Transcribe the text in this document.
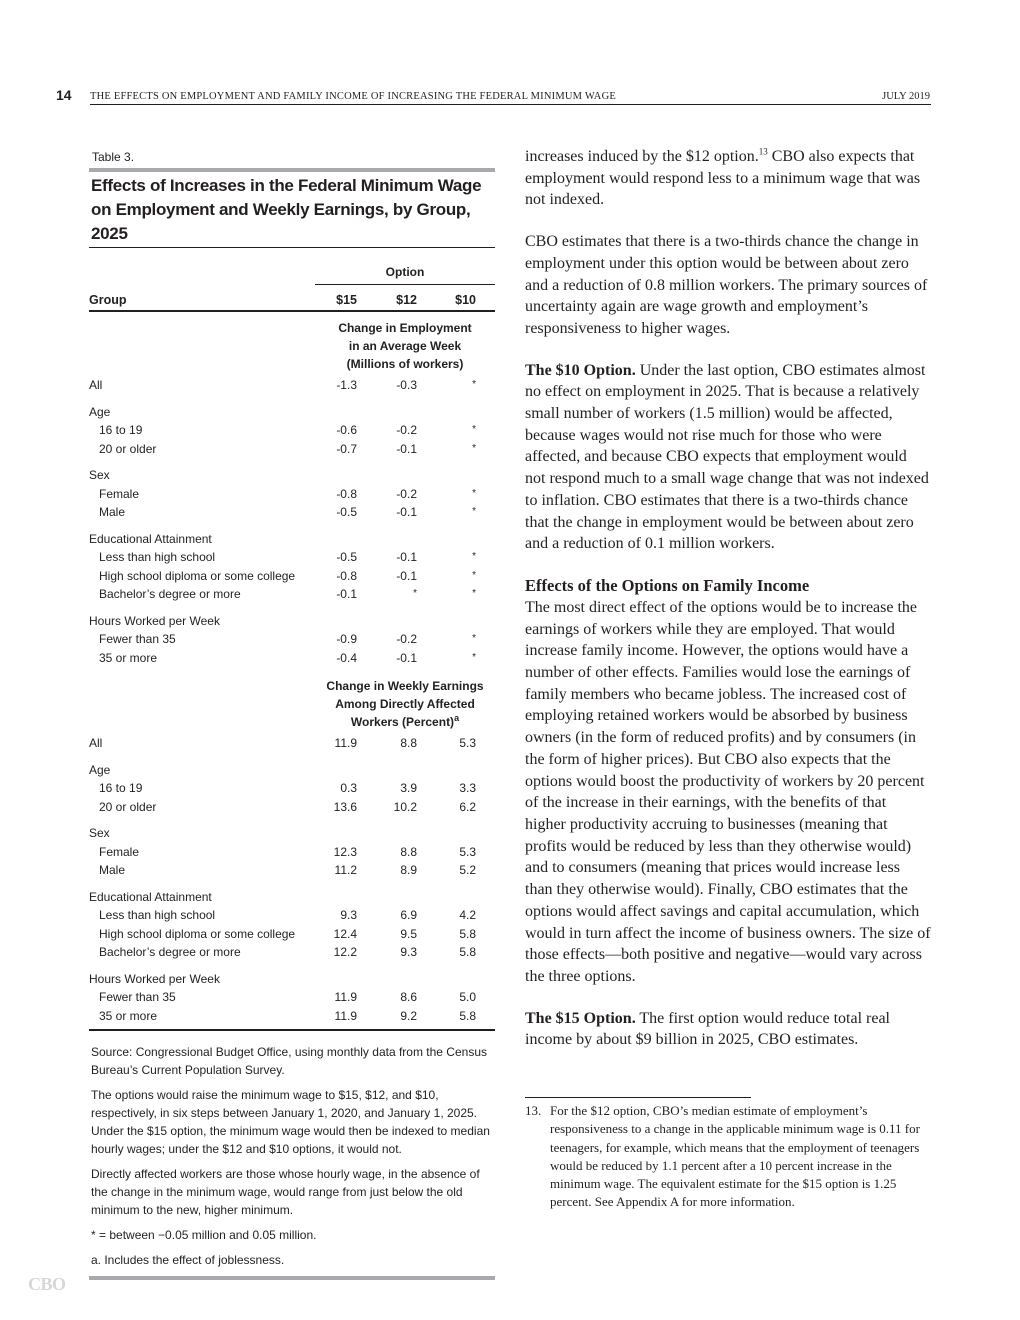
14 THE EFFECTS ON EMPLOYMENT AND FAMILY INCOME OF INCREASING THE FEDERAL MINIMUM WAGE	JULY 2019
Table 3.
Effects of Increases in the Federal Minimum Wage on Employment and Weekly Earnings, by Group, 2025
Option
Group	$15	$12	$10
Change in Employment
in an Average Week
(Millions of workers)
All	-1.3	-0.3	*
Age
16 to 19	-0.6	-0.2	*
20 or older	-0.7	-0.1	*
Sex
Female	-0.8	-0.2	*
Male	-0.5	-0.1	*
Educational Attainment
Less than high school	-0.5	-0.1	*
High school diploma or some college	-0.8	-0.1	*
Bachelor’s degree or more	-0.1	*	*
Hours Worked per Week
Fewer than 35	-0.9	-0.2	*
35 or more	-0.4	-0.1	*
Change in Weekly Earnings
Among Directly Affected
Workers (Percent)$^a$
All	11.9	8.8	5.3
Age
16 to 19	0.3	3.9	3.3
20 or older	13.6	10.2	6.2
Sex
Female	12.3	8.8	5.3
Male	11.2	8.9	5.2
Educational Attainment
Less than high school	9.3	6.9	4.2
High school diploma or some college	12.4	9.5	5.8
Bachelor’s degree or more	12.2	9.3	5.8
Hours Worked per Week
Fewer than 35	11.9	8.6	5.0
35 or more	11.9	9.2	5.8

Source: Congressional Budget Office, using monthly data from the Census Bureau’s Current Population Survey.

The options would raise the minimum wage to $15, $12, and $10, respectively, in six steps between January 1, 2020, and January 1, 2025. Under the $15 option, the minimum wage would then be indexed to median hourly wages; under the $12 and $10 options, it would not.

Directly affected workers are those whose hourly wage, in the absence of the change in the minimum wage, would range from just below the old minimum to the new, higher minimum.

* = between −0.05 million and 0.05 million.

a. Includes the effect of joblessness.

increases induced by the $12 option.$^{13}$ CBO also expects that employment would respond less to a minimum wage that was not indexed.

CBO estimates that there is a two-thirds chance the change in employment under this option would be between about zero and a reduction of 0.8 million workers. The primary sources of uncertainty again are wage growth and employment’s responsiveness to higher wages.

The $10 Option. Under the last option, CBO estimates almost no effect on employment in 2025. That is because a relatively small number of workers (1.5 million) would be affected, because wages would not rise much for those who were affected, and because CBO expects that employment would not respond much to a small wage change that was not indexed to inflation. CBO estimates that there is a two-thirds chance that the change in employment would be between about zero and a reduction of 0.1 million workers.

Effects of the Options on Family Income

The most direct effect of the options would be to increase the earnings of workers while they are employed. That would increase family income. However, the options would have a number of other effects. Families would lose the earnings of family members who became jobless. The increased cost of employing retained workers would be absorbed by business owners (in the form of reduced profits) and by consumers (in the form of higher prices). But CBO also expects that the options would boost the productivity of workers by 20 percent of the increase in their earnings, with the benefits of that higher productivity accruing to businesses (meaning that profits would be reduced by less than they otherwise would) and to consumers (meaning that prices would increase less than they otherwise would). Finally, CBO estimates that the options would affect savings and capital accumulation, which would in turn affect the income of business owners. The size of those effects—both positive and negative—would vary across the three options.

The $15 Option. The first option would reduce total real income by about $9 billion in 2025, CBO estimates.

13. For the $12 option, CBO’s median estimate of employment’s responsiveness to a change in the applicable minimum wage is 0.11 for teenagers, for example, which means that the employment of teenagers would be reduced by 1.1 percent after a 10 percent increase in the minimum wage. The equivalent estimate for the $15 option is 1.25 percent. See Appendix A for more information.
CBO
